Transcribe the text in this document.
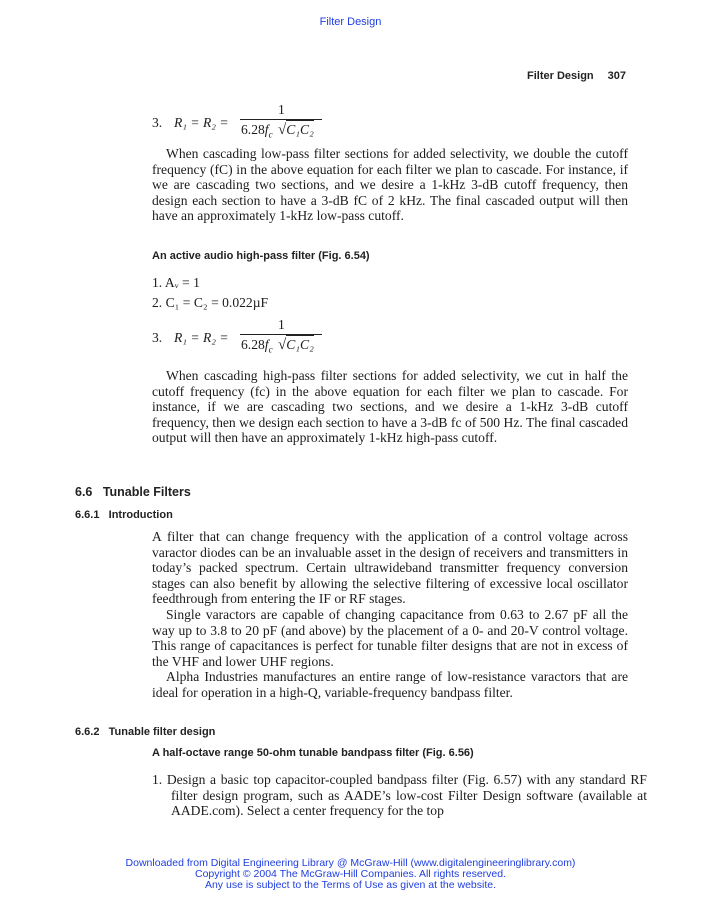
Filter Design
Filter Design 307
3. R₁ = R₂ =
1
$6.28f_c$ √C₁C₂

When cascading low-pass filter sections for added selectivity, we double the cutoff frequency (fC) in the above equation for each filter we plan to cascade. For instance, if we are cascading two sections, and we desire a 1-kHz 3-dB cutoff frequency, then design each section to have a 3-dB fC of 2 kHz. The final cascaded output will then have an approximately 1-kHz low-pass cutoff.

An active audio high-pass filter (Fig. 6.54)
1. Aᵥ = 1
2. C₁ = C₂ = 0.022µF
3. R₁ = R₂ =
1
$6.28f_c$ √C₁C₂

When cascading high-pass filter sections for added selectivity, we cut in half the cutoff frequency (fc) in the above equation for each filter we plan to cascade. For instance, if we are cascading two sections, and we desire a 1-kHz 3-dB cutoff frequency, then we design each section to have a 3-dB fc of 500 Hz. The final cascaded output will then have an approximately 1-kHz high-pass cutoff.

6.6 Tunable Filters
6.6.1 Introduction

A filter that can change frequency with the application of a control voltage across varactor diodes can be an invaluable asset in the design of receivers and transmitters in today’s packed spectrum. Certain ultrawideband transmitter frequency conversion stages can also benefit by allowing the selective filtering of excessive local oscillator feedthrough from entering the IF or RF stages.

Single varactors are capable of changing capacitance from 0.63 to 2.67 pF all the way up to 3.8 to 20 pF (and above) by the placement of a 0- and 20-V control voltage. This range of capacitances is perfect for tunable filter designs that are not in excess of the VHF and lower UHF regions.

Alpha Industries manufactures an entire range of low-resistance varactors that are ideal for operation in a high-Q, variable-frequency bandpass filter.

6.6.2 Tunable filter design
A half-octave range 50-ohm tunable bandpass filter (Fig. 6.56)

1. Design a basic top capacitor-coupled bandpass filter (Fig. 6.57) with any standard RF filter design program, such as AADE’s low-cost Filter Design software (available at AADE.com). Select a center frequency for the top

Downloaded from Digital Engineering Library @ McGraw-Hill (www.digitalengineeringlibrary.com)
Copyright © 2004 The McGraw-Hill Companies. All rights reserved.
Any use is subject to the Terms of Use as given at the website.
